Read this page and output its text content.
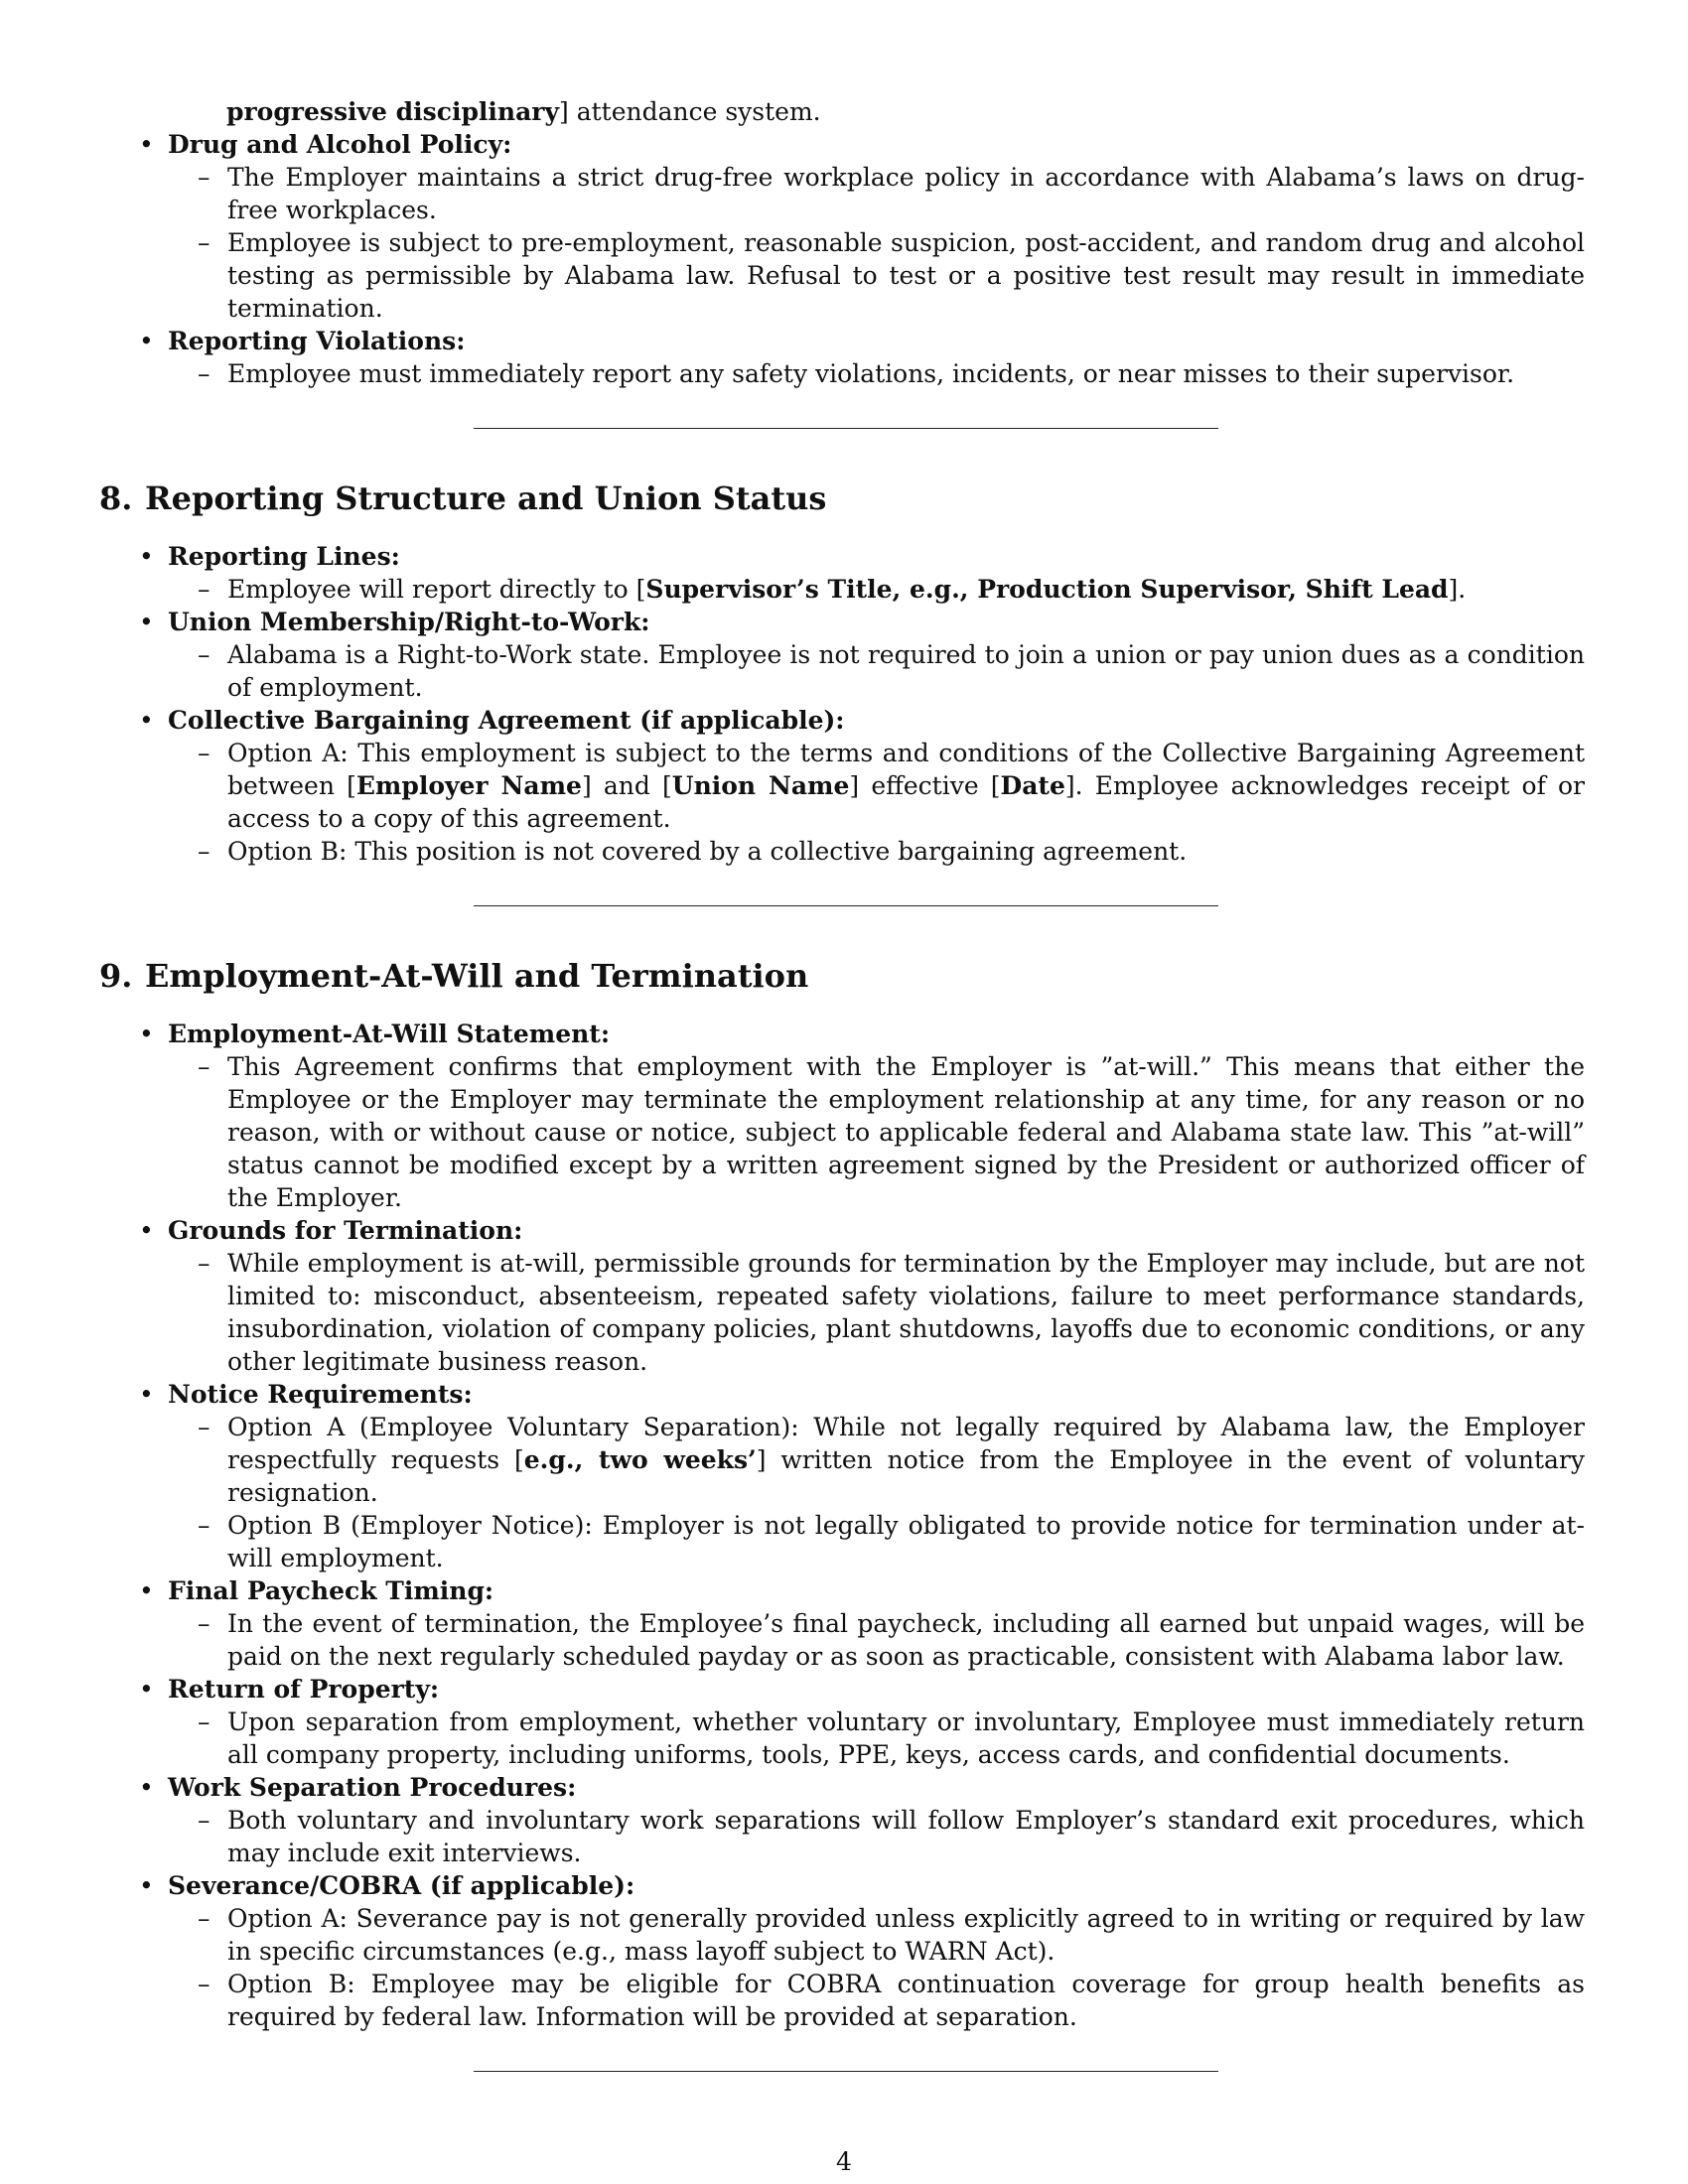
progressive disciplinary] attendance system.
• Drug and Alcohol Policy:
– The Employer maintains a strict drug-free workplace policy in accordance with Alabama’s laws on drug-free workplaces.
– Employee is subject to pre-employment, reasonable suspicion, post-accident, and random drug and alcohol testing as permissible by Alabama law. Refusal to test or a positive test result may result in immediate termination.
• Reporting Violations:
– Employee must immediately report any safety violations, incidents, or near misses to their supervisor.
8. Reporting Structure and Union Status
• Reporting Lines:
– Employee will report directly to [Supervisor’s Title, e.g., Production Supervisor, Shift Lead].
• Union Membership/Right-to-Work:
– Alabama is a Right-to-Work state. Employee is not required to join a union or pay union dues as a condition of employment.
• Collective Bargaining Agreement (if applicable):
– Option A: This employment is subject to the terms and conditions of the Collective Bargaining Agreement between [Employer Name] and [Union Name] effective [Date]. Employee acknowledges receipt of or access to a copy of this agreement.
– Option B: This position is not covered by a collective bargaining agreement.
9. Employment-At-Will and Termination
• Employment-At-Will Statement:
– This Agreement confirms that employment with the Employer is ”at-will.” This means that either the Employee or the Employer may terminate the employment relationship at any time, for any reason or no reason, with or without cause or notice, subject to applicable federal and Alabama state law. This ”at-will” status cannot be modified except by a written agreement signed by the President or authorized officer of the Employer.
• Grounds for Termination:
– While employment is at-will, permissible grounds for termination by the Employer may include, but are not limited to: misconduct, absenteeism, repeated safety violations, failure to meet performance standards, insubordination, violation of company policies, plant shutdowns, layoffs due to economic conditions, or any other legitimate business reason.
• Notice Requirements:
– Option A (Employee Voluntary Separation): While not legally required by Alabama law, the Employer respectfully requests [e.g., two weeks’] written notice from the Employee in the event of voluntary resignation.
– Option B (Employer Notice): Employer is not legally obligated to provide notice for termination under at-will employment.
• Final Paycheck Timing:
– In the event of termination, the Employee’s final paycheck, including all earned but unpaid wages, will be paid on the next regularly scheduled payday or as soon as practicable, consistent with Alabama labor law.
• Return of Property:
– Upon separation from employment, whether voluntary or involuntary, Employee must immediately return all company property, including uniforms, tools, PPE, keys, access cards, and confidential documents.
• Work Separation Procedures:
– Both voluntary and involuntary work separations will follow Employer’s standard exit procedures, which may include exit interviews.
• Severance/COBRA (if applicable):
– Option A: Severance pay is not generally provided unless explicitly agreed to in writing or required by law in specific circumstances (e.g., mass layoff subject to WARN Act).
– Option B: Employee may be eligible for COBRA continuation coverage for group health benefits as required by federal law. Information will be provided at separation.
4
